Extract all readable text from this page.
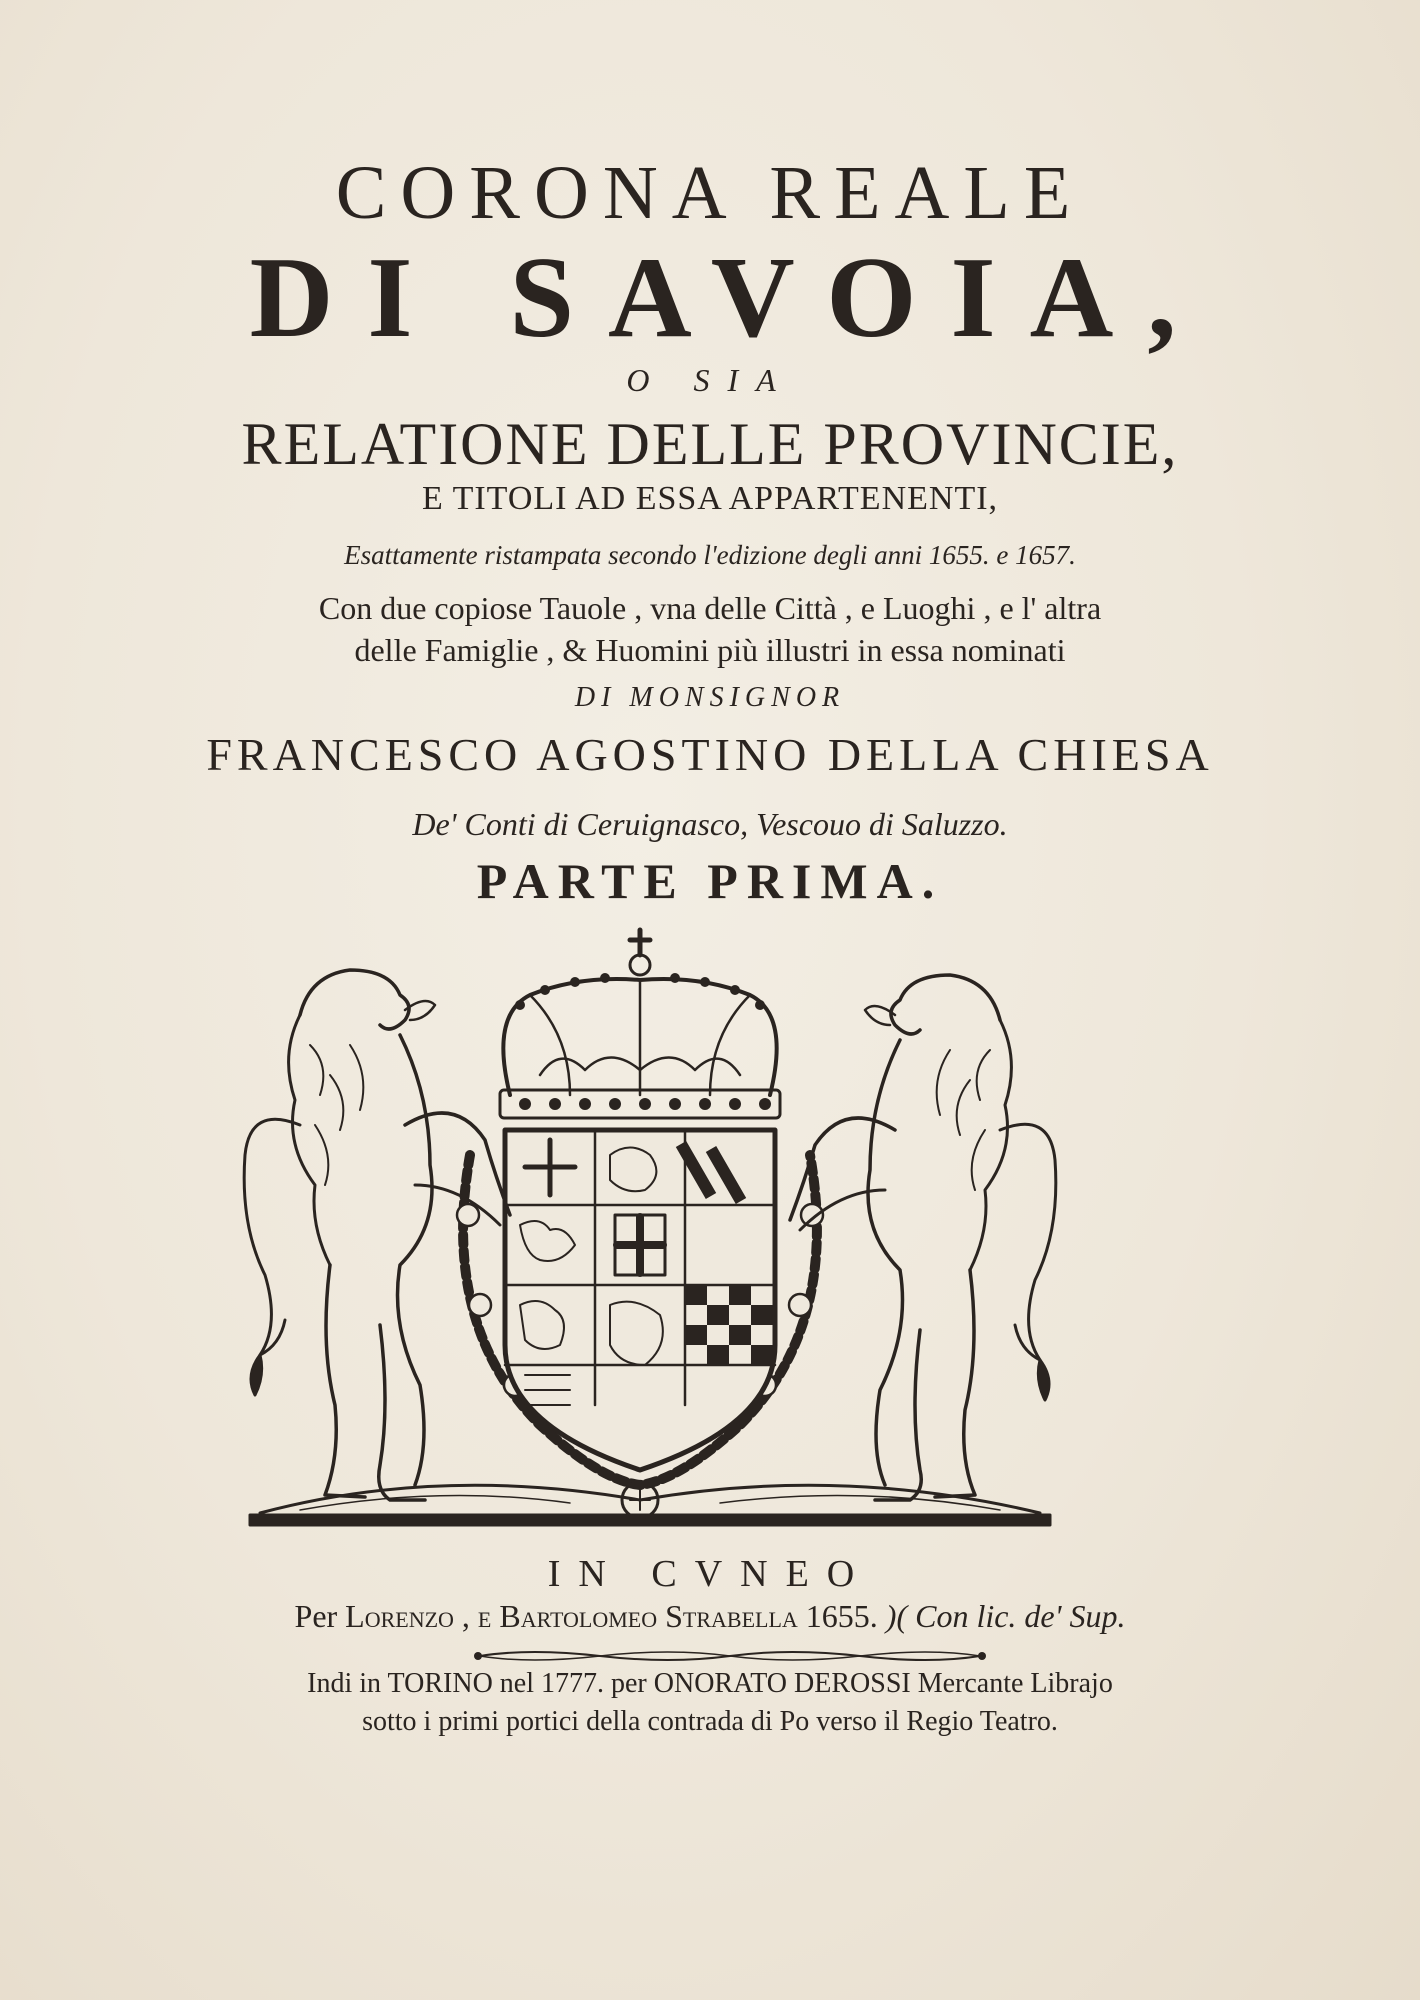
CORONA REALE
DI SAVOIA,
O SIA
RELATIONE DELLE PROVINCIE,
E TITOLI AD ESSA APPARTENENTI,
Esattamente ristampata secondo l'edizione degli anni 1655. e 1657.
Con due copiose Tauole , vna delle Città , e Luoghi , e l' altra
delle Famiglie , & Huomini più illustri in essa nominati
DI MONSIGNOR
FRANCESCO AGOSTINO DELLA CHIESA
De' Conti di Ceruignasco, Vescouo di Saluzzo.
PARTE PRIMA.
IN CVNEO
Per Lorenzo , e Bartolomeo Strabella 1655. )( Con lic. de' Sup.
Indi in TORINO nel 1777. per ONORATO DEROSSI Mercante Librajo
sotto i primi portici della contrada di Po verso il Regio Teatro.
